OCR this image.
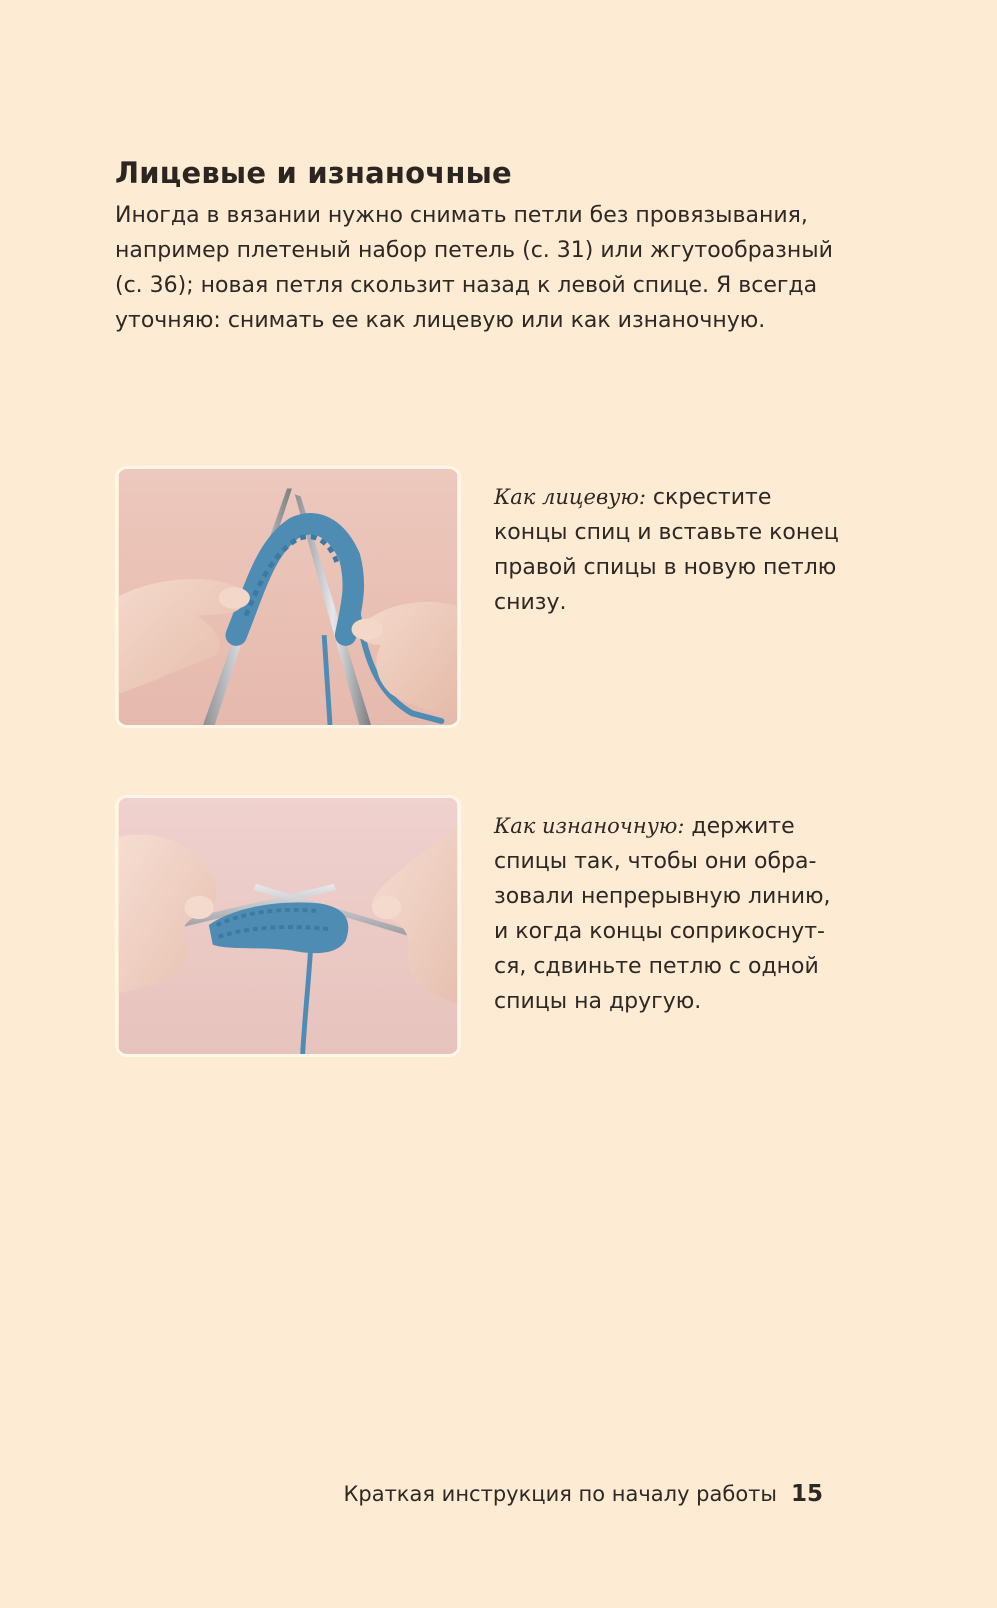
Лицевые и изнаночные

Иногда в вязании нужно снимать петли без провязывания, например плетеный набор петель (с. 31) или жгутообразный (с. 36); новая петля скользит назад к левой спице. Я всегда уточняю: снимать ее как лицевую или как изнаночную.

Как лицевую: скрестите концы спиц и вставьте конец правой спицы в новую петлю снизу.

Как изнаночную: держите спицы так, чтобы они обра-зовали непрерывную линию, и когда концы соприкоснут-ся, сдвиньте петлю с одной спицы на другую.

Краткая инструкция по началу работы 15
